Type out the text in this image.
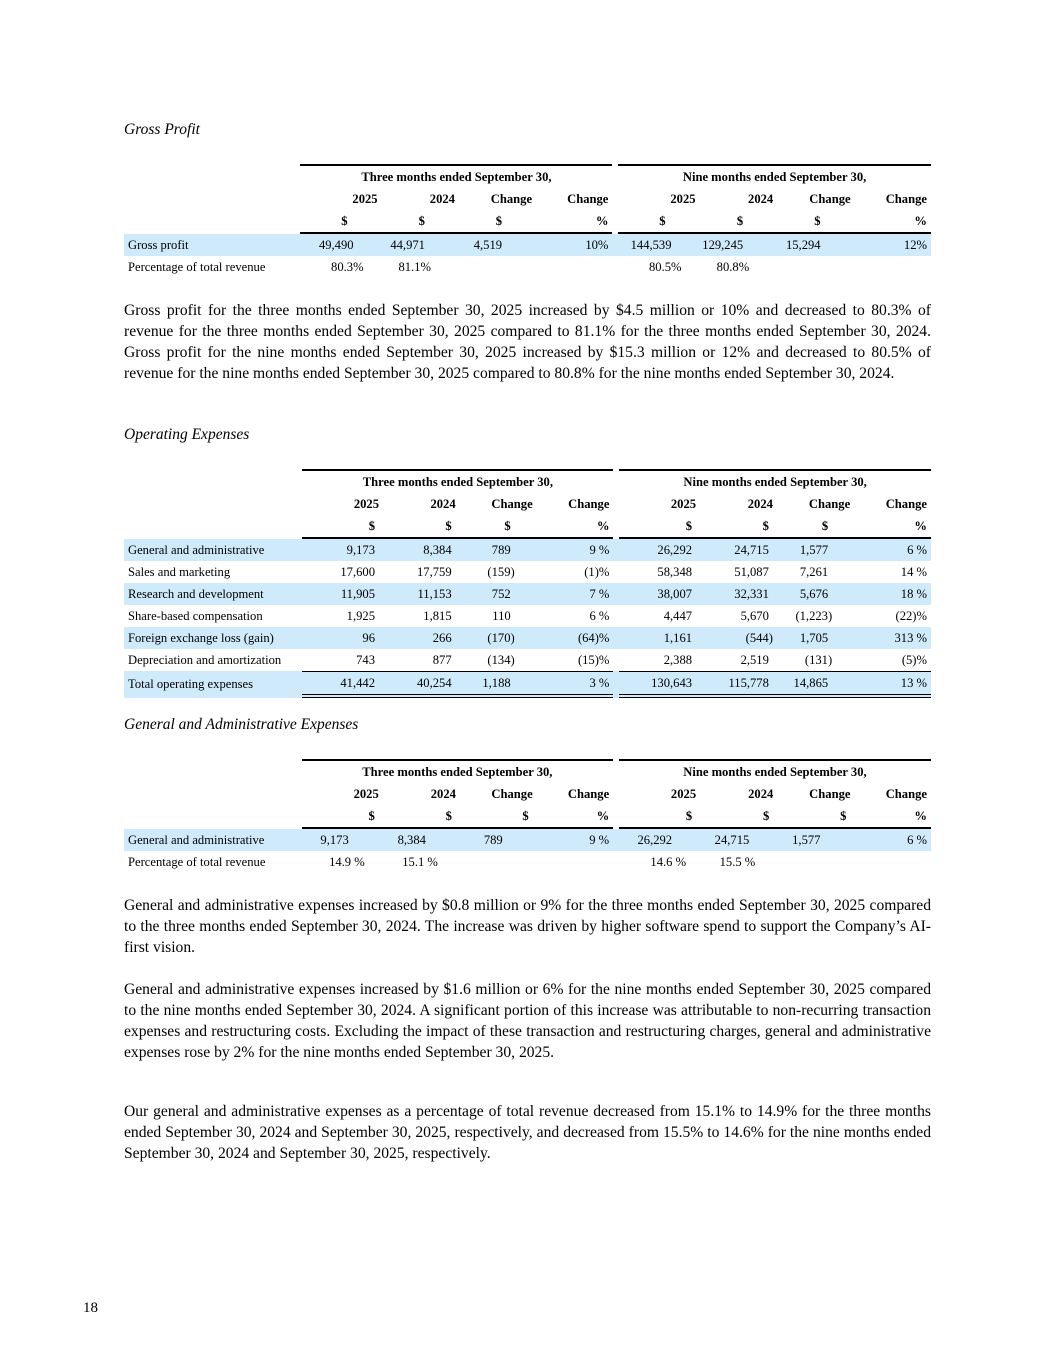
Gross Profit
	Three months ended September 30,					Nine months ended September 30,			
	2025	2024	Change	Change		2025	2024	Change	Change
	$	$	$	%		$	$	$	%
Gross profit	49,490	44,971	4,519	10%		144,539	129,245	15,294	12%
Percentage of total revenue	80.3%	81.1%				80.5%	80.8%		
Gross profit for the three months ended September 30, 2025 increased by $4.5 million or 10% and decreased to 80.3% of revenue for the three months ended September 30, 2025 compared to 81.1% for the three months ended September 30, 2024. Gross profit for the nine months ended September 30, 2025 increased by $15.3 million or 12% and decreased to 80.5% of revenue for the nine months ended September 30, 2025 compared to 80.8% for the nine months ended September 30, 2024.
Operating Expenses
	Three months ended September 30,					Nine months ended September 30,			
	2025	2024	Change	Change		2025	2024	Change	Change
	$	$	$	%		$	$	$	%
General and administrative	9,173	8,384	789	9 %		26,292	24,715	1,577	6 %
Sales and marketing	17,600	17,759	(159)	(1)%		58,348	51,087	7,261	14 %
Research and development	11,905	11,153	752	7 %		38,007	32,331	5,676	18 %
Share-based compensation	1,925	1,815	110	6 %		4,447	5,670	(1,223)	(22)%
Foreign exchange loss (gain)	96	266	(170)	(64)%		1,161	(544)	1,705	313 %
Depreciation and amortization	743	877	(134)	(15)%		2,388	2,519	(131)	(5)%
Total operating expenses	41,442	40,254	1,188	3 %		130,643	115,778	14,865	13 %
General and Administrative Expenses
	Three months ended September 30,					Nine months ended September 30,			
	2025	2024	Change	Change		2025	2024	Change	Change
	$	$	$	%		$	$	$	%
General and administrative	9,173	8,384	789	9 %		26,292	24,715	1,577	6 %
Percentage of total revenue	14.9 %	15.1 %				14.6 %	15.5 %		
General and administrative expenses increased by $0.8 million or 9% for the three months ended September 30, 2025 compared to the three months ended September 30, 2024. The increase was driven by higher software spend to support the Company’s AI-first vision.
General and administrative expenses increased by $1.6 million or 6% for the nine months ended September 30, 2025 compared to the nine months ended September 30, 2024. A significant portion of this increase was attributable to non-recurring transaction expenses and restructuring costs. Excluding the impact of these transaction and restructuring charges, general and administrative expenses rose by 2% for the nine months ended September 30, 2025.
Our general and administrative expenses as a percentage of total revenue decreased from 15.1% to 14.9% for the three months ended September 30, 2024 and September 30, 2025, respectively, and decreased from 15.5% to 14.6% for the nine months ended September 30, 2024 and September 30, 2025, respectively.
18
